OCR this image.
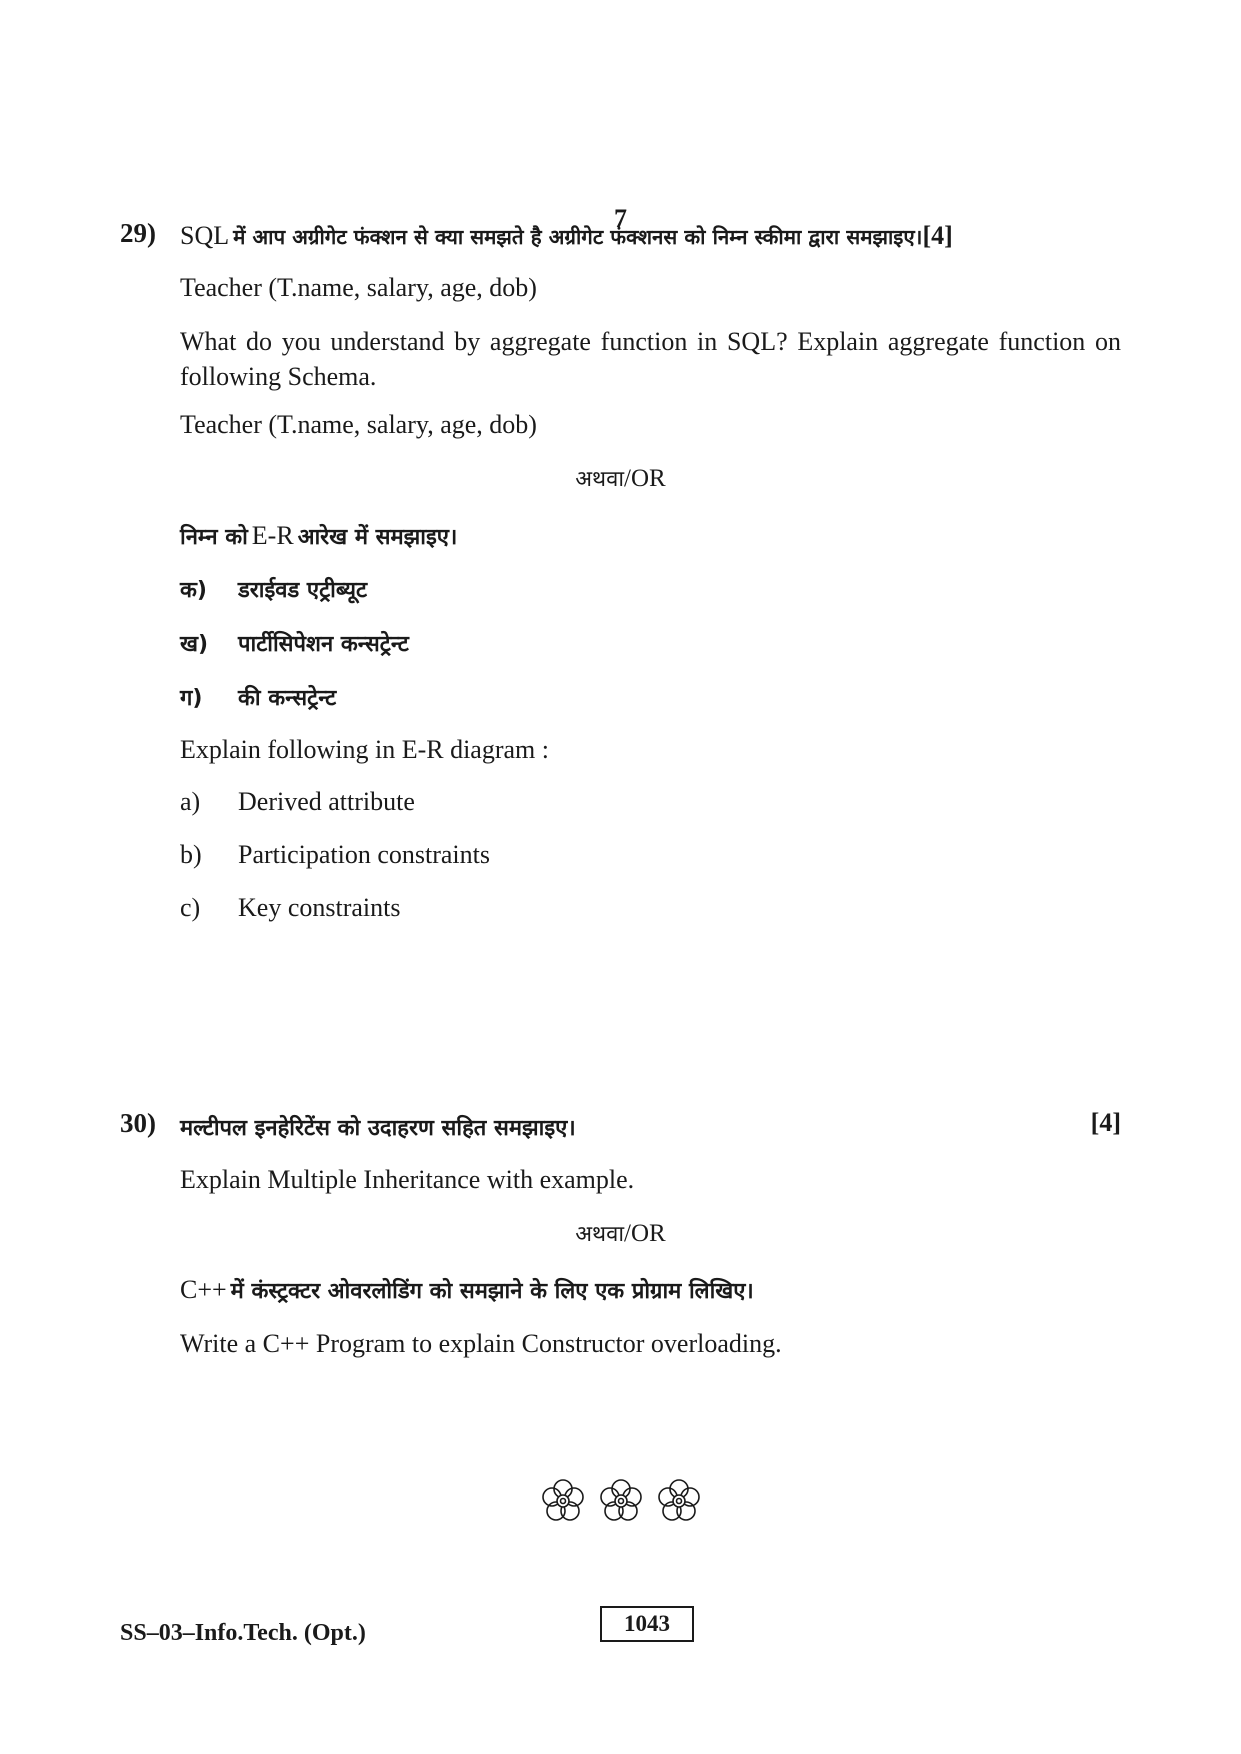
7
29) SQL में आप अग्रीगेट फंक्शन से क्या समझते है अग्रीगेट फंक्शनस को निम्न स्कीमा द्वारा समझाइए।[4]
Teacher (T.name, salary, age, dob)
What do you understand by aggregate function in SQL? Explain aggregate function on following Schema.
Teacher (T.name, salary, age, dob)
अथवा/OR
निम्न को E-R आरेख में समझाइए।
क) डराईवड एट्रीब्यूट
ख) पार्टीसिपेशन कन्सट्रेन्ट
ग) की कन्सट्रेन्ट
Explain following in E-R diagram :
a) Derived attribute
b) Participation constraints
c) Key constraints
30) मल्टीपल इनहेरिटेंस को उदाहरण सहित समझाइए।	[4]
Explain Multiple Inheritance with example.
अथवा/OR
C++ में कंस्ट्रक्टर ओवरलोडिंग को समझाने के लिए एक प्रोग्राम लिखिए।
Write a C++ Program to explain Constructor overloading.

SS–03–Info.Tech. (Opt.)	1043
